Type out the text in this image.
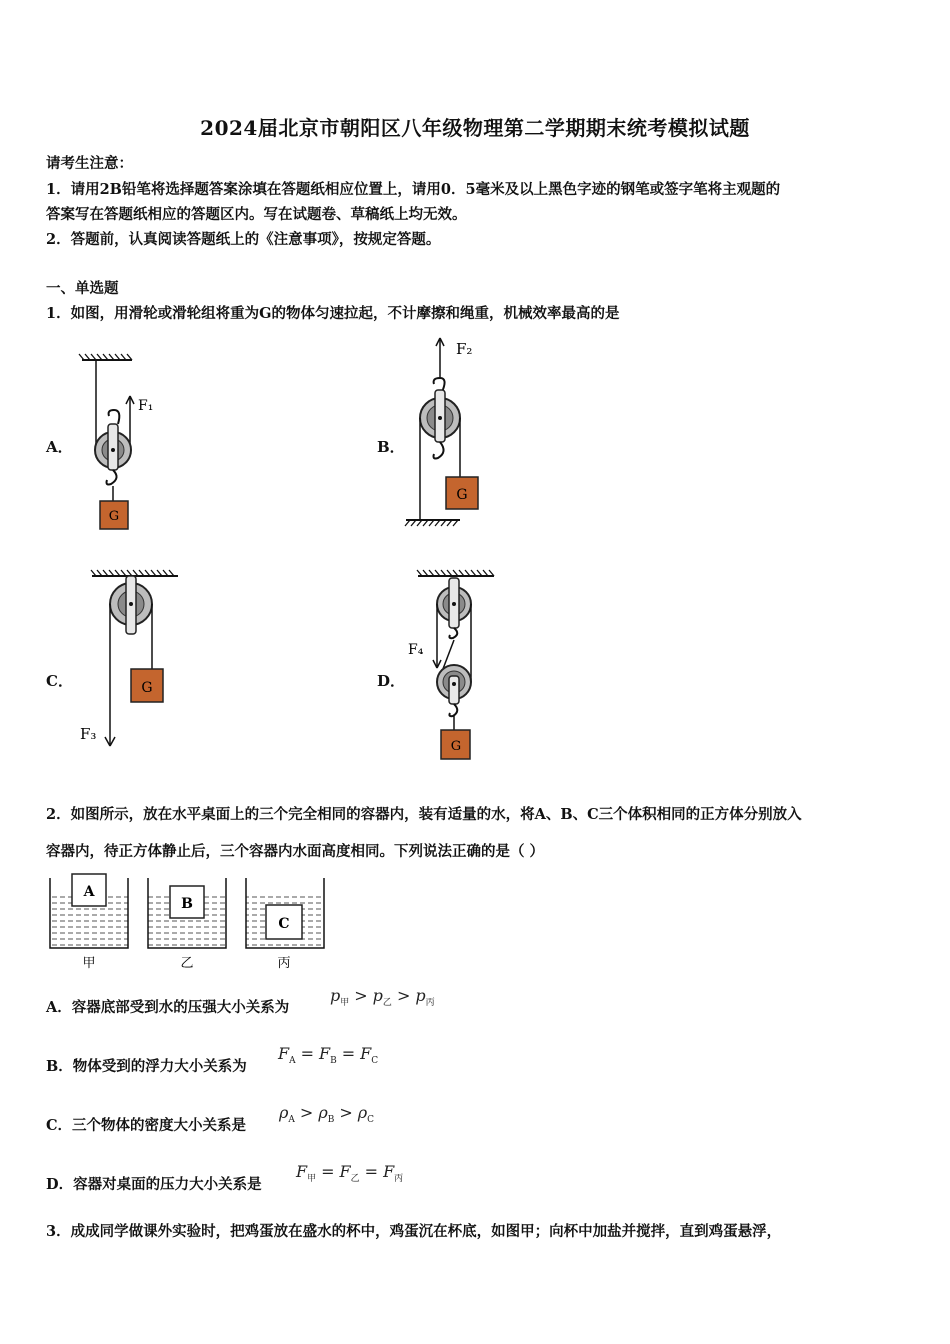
2024届北京市朝阳区八年级物理第二学期期末统考模拟试题
请考生注意：
1．请用2B铅笔将选择题答案涂填在答题纸相应位置上，请用0．5毫米及以上黑色字迹的钢笔或签字笔将主观题的
答案写在答题纸相应的答题区内。写在试题卷、草稿纸上均无效。
2．答题前，认真阅读答题纸上的《注意事项》，按规定答题。
一、单选题
1．如图，用滑轮或滑轮组将重为G的物体匀速拉起，不计摩擦和绳重，机械效率最高的是
A．	B．
C．	D．
F₁
G
F₂
G
F₃
G
F₄
G
2．如图所示，放在水平桌面上的三个完全相同的容器内，装有适量的水，将A、B、C三个体积相同的正方体分别放入
容器内，待正方体静止后，三个容器内水面高度相同。下列说法正确的是（ ）
A
甲
B
乙
C
丙
A．容器底部受到水的压强大小关系为
$p_甲 > p_乙 > p_丙$
B．物体受到的浮力大小关系为
$F_A = F_B = F_C$
C．三个物体的密度大小关系是
$\rho_A > \rho_B > \rho_C$
D．容器对桌面的压力大小关系是
$F_甲 = F_乙 = F_丙$
3．成成同学做课外实验时，把鸡蛋放在盛水的杯中，鸡蛋沉在杯底，如图甲；向杯中加盐并搅拌，直到鸡蛋悬浮，
